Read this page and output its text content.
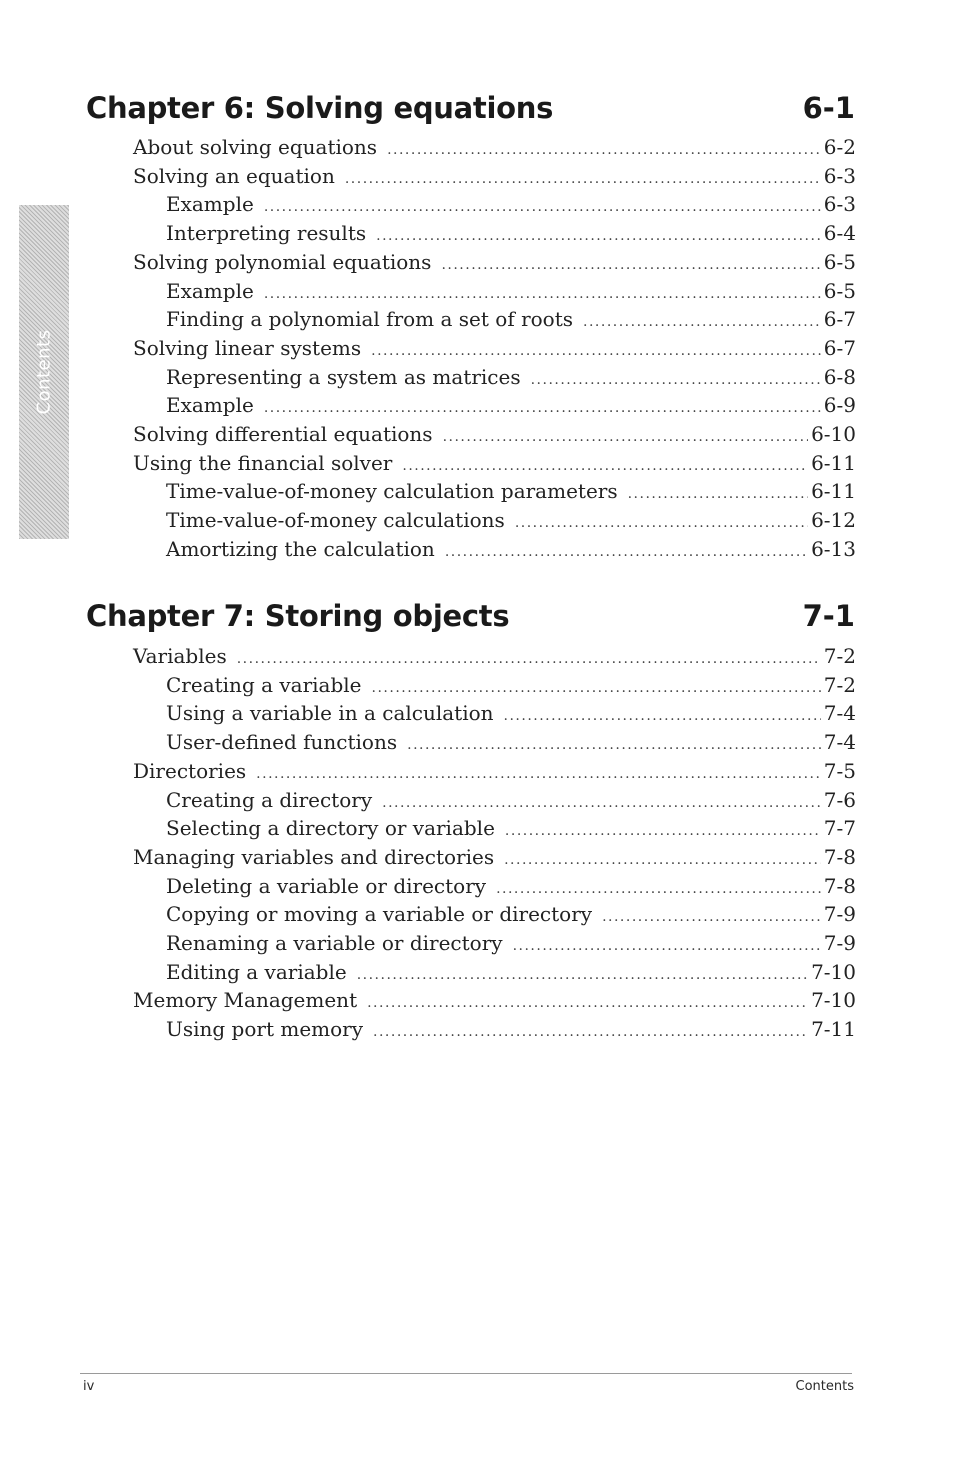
Contents
Chapter 6: Solving equations	6-1
About solving equations .....	6-2
Solving an equation .....	6-3
Example .....	6-3
Interpreting results .....	6-4
Solving polynomial equations .....	6-5
Example .....	6-5
Finding a polynomial from a set of roots .....	6-7
Solving linear systems .....	6-7
Representing a system as matrices .....	6-8
Example .....	6-9
Solving differential equations .....	6-10
Using the financial solver .....	6-11
Time-value-of-money calculation parameters .....	6-11
Time-value-of-money calculations .....	6-12
Amortizing the calculation .....	6-13
Chapter 7: Storing objects	7-1
Variables .....	7-2
Creating a variable .....	7-2
Using a variable in a calculation .....	7-4
User-defined functions .....	7-4
Directories .....	7-5
Creating a directory .....	7-6
Selecting a directory or variable .....	7-7
Managing variables and directories .....	7-8
Deleting a variable or directory .....	7-8
Copying or moving a variable or directory .....	7-9
Renaming a variable or directory .....	7-9
Editing a variable .....	7-10
Memory Management .....	7-10
Using port memory .....	7-11
iv	Contents
